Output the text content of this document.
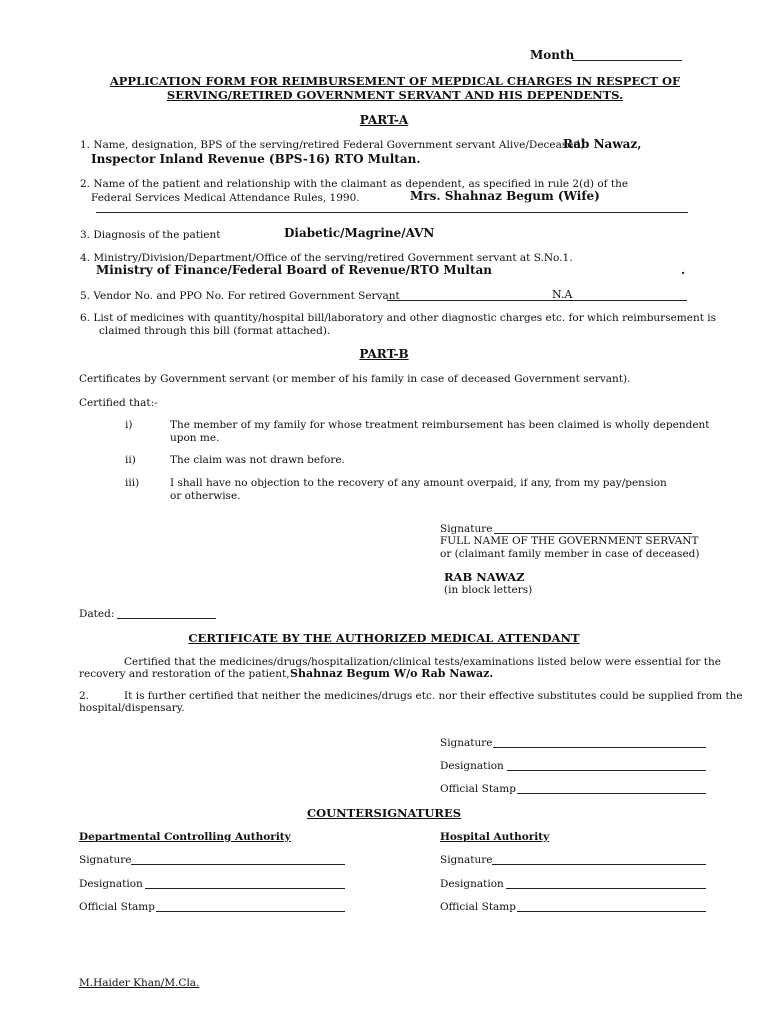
Month
APPLICATION FORM FOR REIMBURSEMENT OF MEPDICAL CHARGES IN RESPECT OF
SERVING/RETIRED GOVERNMENT SERVANT AND HIS DEPENDENTS.
PART-A
1. Name, designation, BPS of the serving/retired Federal Government servant Alive/Deceased)
Rab Nawaz,
Inspector Inland Revenue (BPS-16) RTO Multan.
2. Name of the patient and relationship with the claimant as dependent, as specified in rule 2(d) of the
Federal Services Medical Attendance Rules, 1990.	Mrs. Shahnaz Begum (Wife)
3. Diagnosis of the patient	Diabetic/Magrine/AVN
4. Ministry/Division/Department/Office of the serving/retired Government servant at S.No.1.
Ministry of Finance/Federal Board of Revenue/RTO Multan	.
5. Vendor No. and PPO No. For retired Government Servant	N.A
6. List of medicines with quantity/hospital bill/laboratory and other diagnostic charges etc. for which reimbursement is
claimed through this bill (format attached).
PART-B
Certificates by Government servant (or member of his family in case of deceased Government servant).
Certified that:-
i)	The member of my family for whose treatment reimbursement has been claimed is wholly dependent
upon me.
ii)	The claim was not drawn before.
iii)	I shall have no objection to the recovery of any amount overpaid, if any, from my pay/pension
or otherwise.
Signature
FULL NAME OF THE GOVERNMENT SERVANT
or (claimant family member in case of deceased)
RAB NAWAZ
(in block letters)
Dated:
CERTIFICATE BY THE AUTHORIZED MEDICAL ATTENDANT
Certified that the medicines/drugs/hospitalization/clinical tests/examinations listed below were essential for the
recovery and restoration of the patient, Shahnaz Begum W/o Rab Nawaz.
2.	It is further certified that neither the medicines/drugs etc. nor their effective substitutes could be supplied from the
hospital/dispensary.
Signature
Designation
Official Stamp
COUNTERSIGNATURES
Departmental Controlling Authority	Hospital Authority
Signature	Signature
Designation	Designation
Official Stamp	Official Stamp
M.Haider Khan/M.Cla.
